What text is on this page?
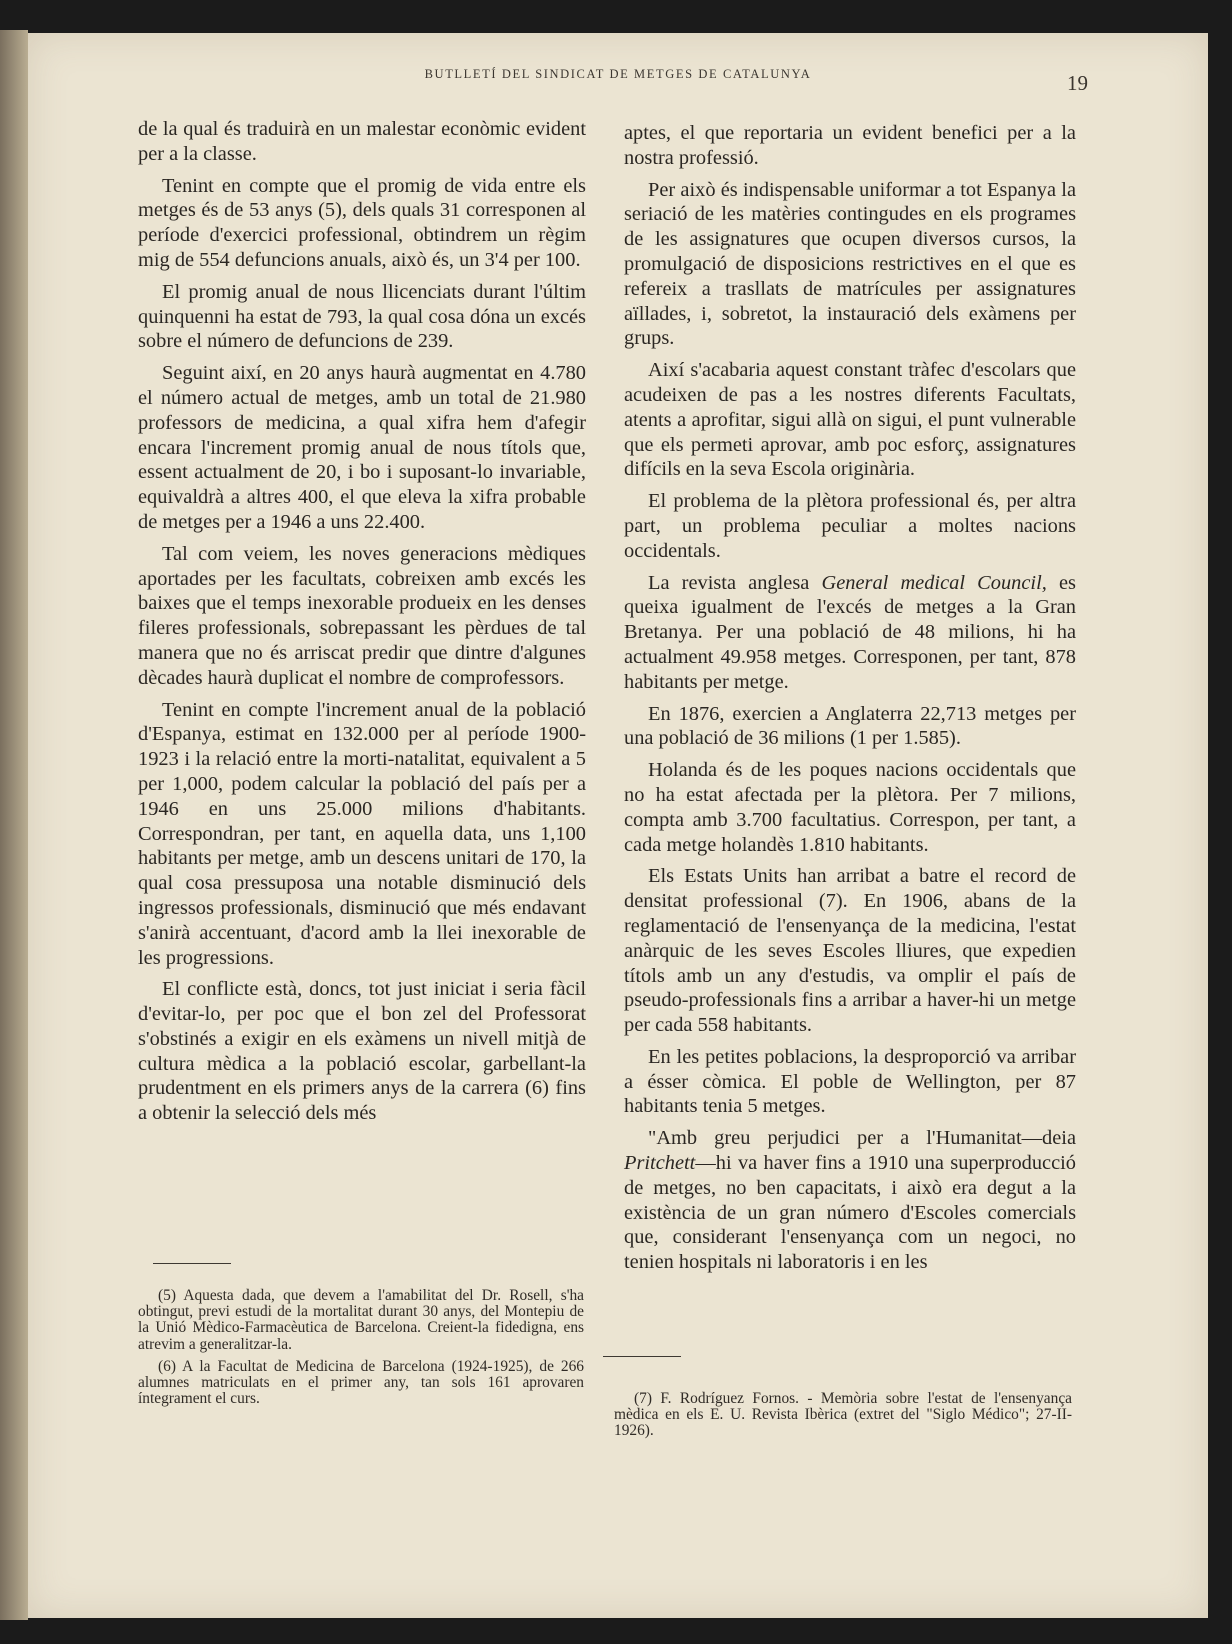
BUTLLETÍ DEL SINDICAT DE METGES DE CATALUNYA	19

de la qual és traduirà en un malestar econòmic evident per a la classe.

Tenint en compte que el promig de vida entre els metges és de 53 anys (5), dels quals 31 corresponen al període d'exercici professional, obtindrem un règim mig de 554 defuncions anuals, això és, un 3'4 per 100.

El promig anual de nous llicenciats durant l'últim quinquenni ha estat de 793, la qual cosa dóna un excés sobre el número de defuncions de 239.

Seguint així, en 20 anys haurà augmentat en 4.780 el número actual de metges, amb un total de 21.980 professors de medicina, a qual xifra hem d'afegir encara l'increment promig anual de nous títols que, essent actualment de 20, i bo i suposant-lo invariable, equivaldrà a altres 400, el que eleva la xifra probable de metges per a 1946 a uns 22.400.

Tal com veiem, les noves generacions mèdiques aportades per les facultats, cobreixen amb excés les baixes que el temps inexorable produeix en les denses fileres professionals, sobrepassant les pèrdues de tal manera que no és arriscat predir que dintre d'algunes dècades haurà duplicat el nombre de comprofessors.

Tenint en compte l'increment anual de la població d'Espanya, estimat en 132.000 per al període 1900-1923 i la relació entre la morti-natalitat, equivalent a 5 per 1,000, podem calcular la població del país per a 1946 en uns 25.000 milions d'habitants. Correspondran, per tant, en aquella data, uns 1,100 habitants per metge, amb un descens unitari de 170, la qual cosa pressuposa una notable disminució dels ingressos professionals, disminució que més endavant s'anirà accentuant, d'acord amb la llei inexorable de les progressions.

El conflicte està, doncs, tot just iniciat i seria fàcil d'evitar-lo, per poc que el bon zel del Professorat s'obstinés a exigir en els exàmens un nivell mitjà de cultura mèdica a la població escolar, garbellant-la prudentment en els primers anys de la carrera (6) fins a obtenir la selecció dels més

aptes, el que reportaria un evident benefici per a la nostra professió.

Per això és indispensable uniformar a tot Espanya la seriació de les matèries contingudes en els programes de les assignatures que ocupen diversos cursos, la promulgació de disposicions restrictives en el que es refereix a trasllats de matrícules per assignatures aïllades, i, sobretot, la instauració dels exàmens per grups.

Així s'acabaria aquest constant tràfec d'escolars que acudeixen de pas a les nostres diferents Facultats, atents a aprofitar, sigui allà on sigui, el punt vulnerable que els permeti aprovar, amb poc esforç, assignatures difícils en la seva Escola originària.

El problema de la plètora professional és, per altra part, un problema peculiar a moltes nacions occidentals.

La revista anglesa General medical Council, es queixa igualment de l'excés de metges a la Gran Bretanya. Per una població de 48 milions, hi ha actualment 49.958 metges. Corresponen, per tant, 878 habitants per metge.

En 1876, exercien a Anglaterra 22,713 metges per una població de 36 milions (1 per 1.585).

Holanda és de les poques nacions occidentals que no ha estat afectada per la plètora. Per 7 milions, compta amb 3.700 facultatius. Correspon, per tant, a cada metge holandès 1.810 habitants.

Els Estats Units han arribat a batre el record de densitat professional (7). En 1906, abans de la reglamentació de l'ensenyança de la medicina, l'estat anàrquic de les seves Escoles lliures, que expedien títols amb un any d'estudis, va omplir el país de pseudo-professionals fins a arribar a haver-hi un metge per cada 558 habitants.

En les petites poblacions, la desproporció va arribar a ésser còmica. El poble de Wellington, per 87 habitants tenia 5 metges.

"Amb greu perjudici per a l'Humanitat—deia Pritchett—hi va haver fins a 1910 una superproducció de metges, no ben capacitats, i això era degut a la existència de un gran número d'Escoles comercials que, considerant l'ensenyança com un negoci, no tenien hospitals ni laboratoris i en les

(5) Aquesta dada, que devem a l'amabilitat del Dr. Rosell, s'ha obtingut, previ estudi de la mortalitat durant 30 anys, del Montepiu de la Unió Mèdico-Farmacèutica de Barcelona. Creient-la fidedigna, ens atrevim a generalitzar-la.

(6) A la Facultat de Medicina de Barcelona (1924-1925), de 266 alumnes matriculats en el primer any, tan sols 161 aprovaren íntegrament el curs.	(7) F. Rodríguez Fornos. - Memòria sobre l'estat de l'ensenyança mèdica en els E. U. Revista Ibèrica (extret del "Siglo Médico"; 27-II-1926).
